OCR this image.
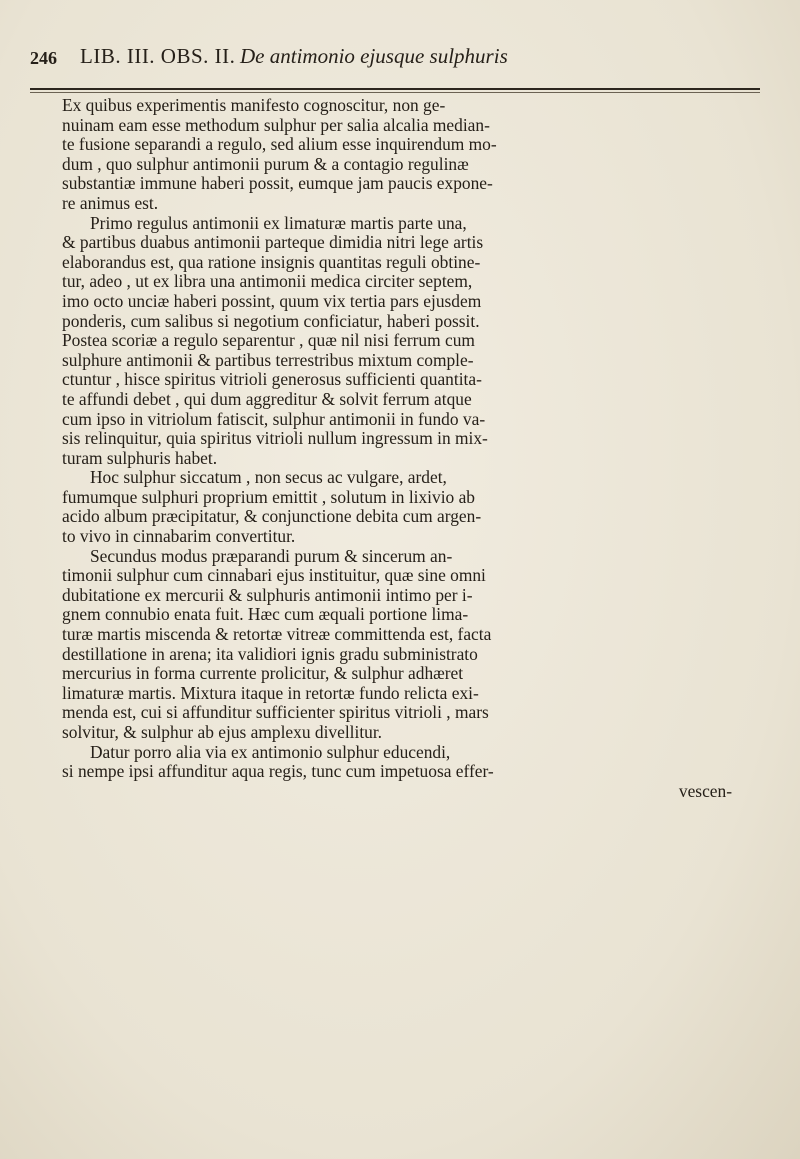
246 LIB. III. OBS. II. De antimonio ejusque sulphuris
Ex quibus experimentis manifesto cognoscitur, non ge-
nuinam eam esse methodum sulphur per salia alcalia median-
te fusione separandi a regulo, sed alium esse inquirendum mo-
dum , quo sulphur antimonii purum & a contagio regulinæ
substantiæ immune haberi possit, eumque jam paucis expone-
re animus est.
Primo regulus antimonii ex limaturæ martis parte una,
& partibus duabus antimonii parteque dimidia nitri lege artis
elaborandus est, qua ratione insignis quantitas reguli obtine-
tur, adeo , ut ex libra una antimonii medica circiter septem,
imo octo unciæ haberi possint, quum vix tertia pars ejusdem
ponderis, cum salibus si negotium conficiatur, haberi possit.
Postea scoriæ a regulo separentur , quæ nil nisi ferrum cum
sulphure antimonii & partibus terrestribus mixtum comple-
ctuntur , hisce spiritus vitrioli generosus sufficienti quantita-
te affundi debet , qui dum aggreditur & solvit ferrum atque
cum ipso in vitriolum fatiscit, sulphur antimonii in fundo va-
sis relinquitur, quia spiritus vitrioli nullum ingressum in mix-
turam sulphuris habet.
Hoc sulphur siccatum , non secus ac vulgare, ardet,
fumumque sulphuri proprium emittit , solutum in lixivio ab
acido album præcipitatur, & conjunctione debita cum argen-
to vivo in cinnabarim convertitur.
Secundus modus præparandi purum & sincerum an-
timonii sulphur cum cinnabari ejus instituitur, quæ sine omni
dubitatione ex mercurii & sulphuris antimonii intimo per i-
gnem connubio enata fuit. Hæc cum æquali portione lima-
turæ martis miscenda & retortæ vitreæ committenda est, facta
destillatione in arena; ita validiori ignis gradu subministrato
mercurius in forma currente prolicitur, & sulphur adhæret
limaturæ martis. Mixtura itaque in retortæ fundo relicta exi-
menda est, cui si affunditur sufficienter spiritus vitrioli , mars
solvitur, & sulphur ab ejus amplexu divellitur.
Datur porro alia via ex antimonio sulphur educendi,
si nempe ipsi affunditur aqua regis, tunc cum impetuosa effer-
vescen-
